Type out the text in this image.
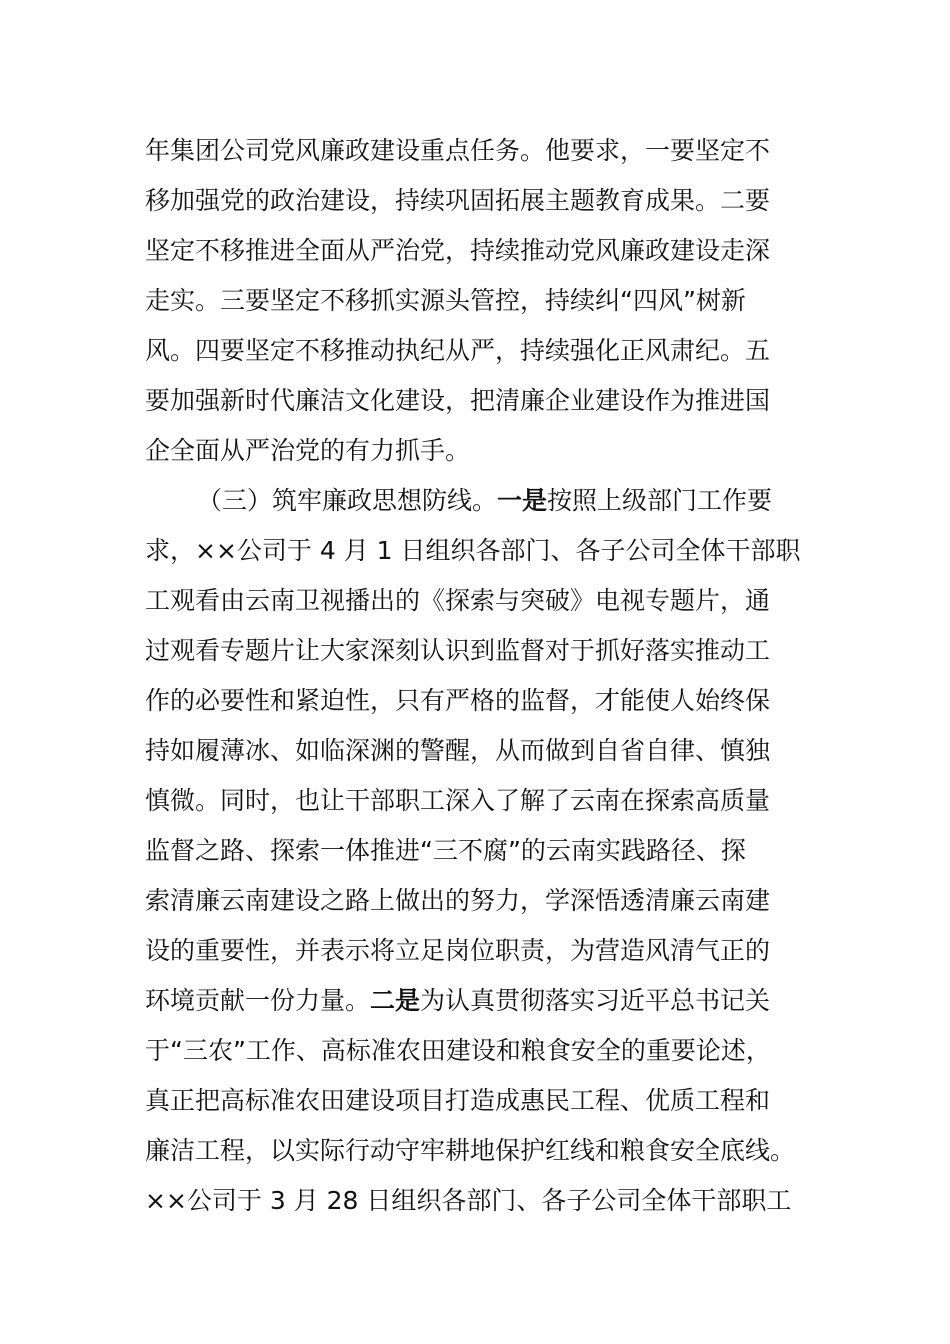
年集团公司党风廉政建设重点任务。他要求，一要坚定不
移加强党的政治建设，持续巩固拓展主题教育成果。二要
坚定不移推进全面从严治党，持续推动党风廉政建设走深
走实。三要坚定不移抓实源头管控，持续纠“四风”树新
风。四要坚定不移推动执纪从严，持续强化正风肃纪。五
要加强新时代廉洁文化建设，把清廉企业建设作为推进国
企全面从严治党的有力抓手。
（三）筑牢廉政思想防线。一是按照上级部门工作要
求，××公司于 4 月 1 日组织各部门、各子公司全体干部职
工观看由云南卫视播出的《探索与突破》电视专题片，通
过观看专题片让大家深刻认识到监督对于抓好落实推动工
作的必要性和紧迫性，只有严格的监督，才能使人始终保
持如履薄冰、如临深渊的警醒，从而做到自省自律、慎独
慎微。同时，也让干部职工深入了解了云南在探索高质量
监督之路、探索一体推进“三不腐”的云南实践路径、探
索清廉云南建设之路上做出的努力，学深悟透清廉云南建
设的重要性，并表示将立足岗位职责，为营造风清气正的
环境贡献一份力量。二是为认真贯彻落实习近平总书记关
于“三农”工作、高标准农田建设和粮食安全的重要论述，
真正把高标准农田建设项目打造成惠民工程、优质工程和
廉洁工程，以实际行动守牢耕地保护红线和粮食安全底线。
××公司于 3 月 28 日组织各部门、各子公司全体干部职工
